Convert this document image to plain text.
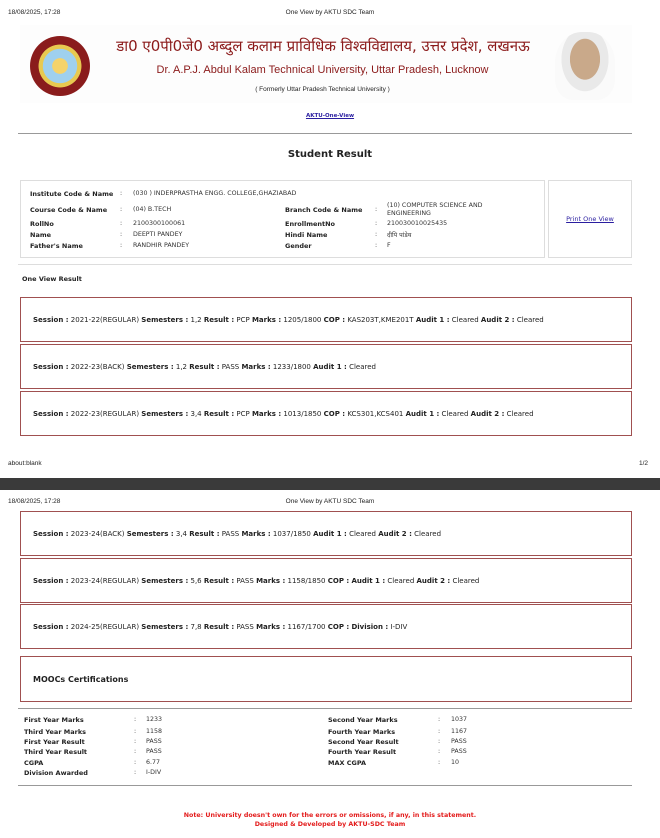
18/08/2025, 17:28	One View by AKTU SDC Team
डा0 ए0पी0जे0 अब्दुल कलाम प्राविधिक विश्वविद्यालय, उत्तर प्रदेश, लखनऊ
Dr. A.P.J. Abdul Kalam Technical University, Uttar Pradesh, Lucknow
( Formerly Uttar Pradesh Technical University )
AKTU-One-View
Student Result
Institute Code & Name : (030 ) INDERPRASTHA ENGG. COLLEGE,GHAZIABAD
Course Code & Name : (04) B.TECH	Branch Code & Name :
(10) COMPUTER SCIENCE AND ENGINEERING
RollNo	: 2100300100061	EnrollmentNo	: 210030010025435
Name	: DEEPTI PANDEY	Hindi Name	: दीपि पांडेय
Father's Name	: RANDHIR PANDEY	Gender	: F
Print One View
One View Result
Session : 2021-22(REGULAR) Semesters : 1,2 Result : PCP Marks : 1205/1800 COP : KAS203T,KME201T Audit 1 : Cleared Audit 2 : Cleared
Session : 2022-23(BACK) Semesters : 1,2 Result : PASS Marks : 1233/1800 Audit 1 : Cleared
Session : 2022-23(REGULAR) Semesters : 3,4 Result : PCP Marks : 1013/1850 COP : KCS301,KCS401 Audit 1 : Cleared Audit 2 : Cleared
Session : 2023-24(BACK) Semesters : 3,4 Result : PASS Marks : 1037/1850 Audit 1 : Cleared Audit 2 : Cleared
Session : 2023-24(REGULAR) Semesters : 5,6 Result : PASS Marks : 1158/1850 COP : Audit 1 : Cleared Audit 2 : Cleared
Session : 2024-25(REGULAR) Semesters : 7,8 Result : PASS Marks : 1167/1700 COP : Division : I-DIV
about:blank	1/2
18/08/2025, 17:28	One View by AKTU SDC Team
MOOCs Certifications
First Year Marks	: 1233	Second Year Marks	: 1037
Third Year Marks	: 1158	Fourth Year Marks	: 1167
First Year Result	: PASS	Second Year Result	: PASS
Third Year Result	: PASS	Fourth Year Result	: PASS
CGPA	: 6.77	MAX CGPA	: 10
Division Awarded	: I-DIV
Note: University doesn't own for the errors or omissions, if any, in this statement.
Designed & Developed by AKTU-SDC Team
